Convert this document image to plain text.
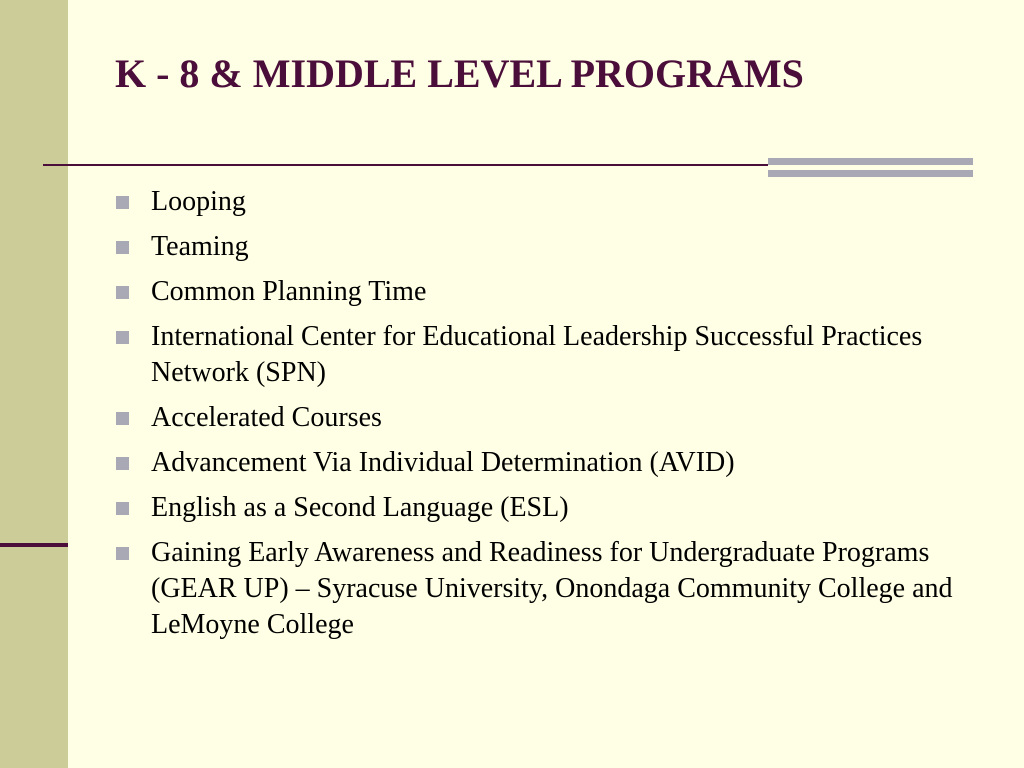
K - 8 & MIDDLE LEVEL PROGRAMS
Looping
Teaming
Common Planning Time
International Center for Educational Leadership Successful Practices Network (SPN)
Accelerated Courses
Advancement Via Individual Determination (AVID)
English as a Second Language (ESL)
Gaining Early Awareness and Readiness for Undergraduate Programs (GEAR UP) – Syracuse University, Onondaga Community College and LeMoyne College
